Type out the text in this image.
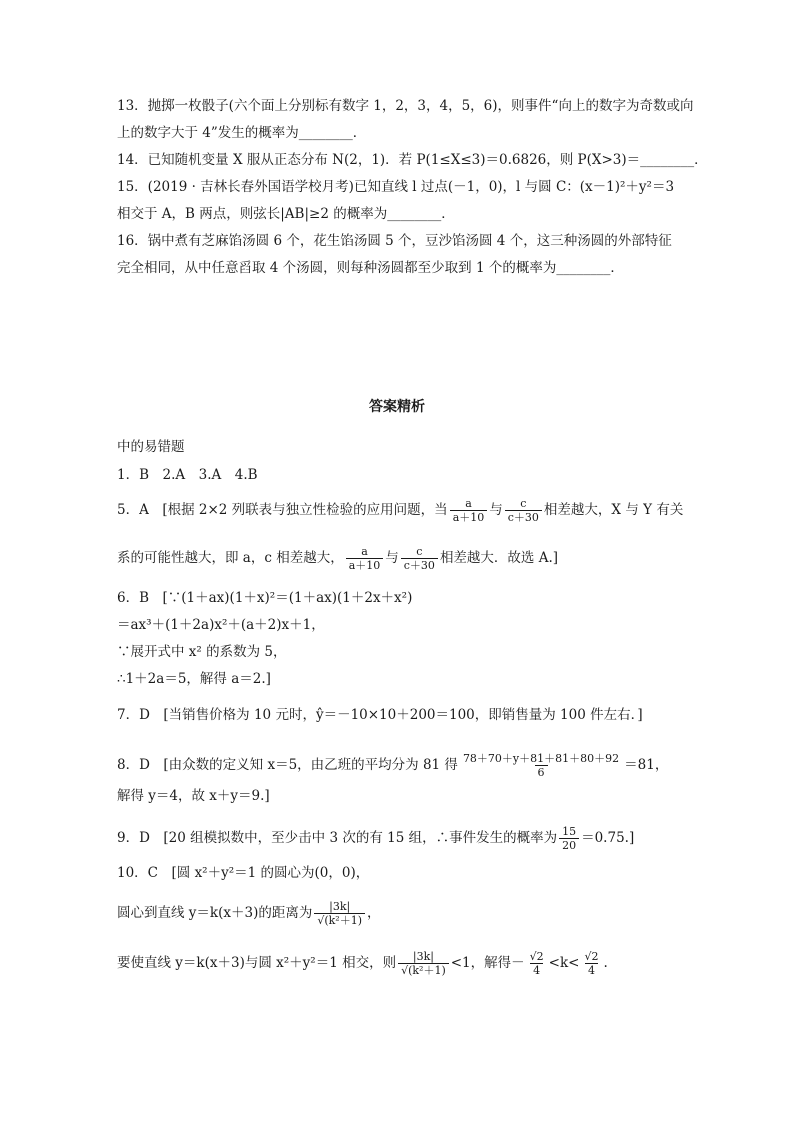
13．抛掷一枚骰子(六个面上分别标有数字 1，2，3，4，5，6)，则事件“向上的数字为奇数或向
上的数字大于 4”发生的概率为________．
14．已知随机变量 X 服从正态分布 N(2，1)．若 P(1≤X≤3)＝0.6826，则 P(X>3)＝________．
15．(2019 · 吉林长春外国语学校月考)已知直线 l 过点(－1，0)，l 与圆 C：(x－1)²＋y²＝3
相交于 A，B 两点，则弦长|AB|≥2 的概率为________．
16．锅中煮有芝麻馅汤圆 6 个，花生馅汤圆 5 个，豆沙馅汤圆 4 个，这三种汤圆的外部特征
完全相同，从中任意舀取 4 个汤圆，则每种汤圆都至少取到 1 个的概率为________．
答案精析
中的易错题
1．B　2.A　3.A　4.B
5．A　[根据 2×2 列联表与独立性检验的应用问题，当 $\frac{a}{a+10}$ 与 $\frac{c}{c+30}$ 相差越大，X 与 Y 有关
系的可能性越大，即 a，c 相差越大， $\frac{a}{a+10}$ 与 $\frac{c}{c+30}$ 相差越大．故选 A.]
6．B　[∵(1＋ax)(1＋x)²＝(1＋ax)(1＋2x＋x²)
＝ax³＋(1＋2a)x²＋(a＋2)x＋1，
∵展开式中 x² 的系数为 5，
∴1＋2a＝5，解得 a＝2.]
7．D　[当销售价格为 10 元时，ŷ＝－10×10＋200＝100，即销售量为 100 件左右．]
8．D　[由众数的定义知 x＝5，由乙班的平均分为 81 得 $\frac{78+70+y+81+81+80+92}{6} =81$，
解得 y＝4，故 x＋y＝9.]
9．D　[20 组模拟数中，至少击中 3 次的有 15 组，∴事件发生的概率为 $\frac{15}{20} =0.75$.]
10．C　[圆 x²＋y²＝1 的圆心为(0，0)，
圆心到直线 y＝k(x＋3)的距离为 $\frac{|3k|}{\text{√(k²＋1)}}$ ，
要使直线 y＝k(x＋3)与圆 x²＋y²＝1 相交，则 $\frac{|3k|}{\text{√(k²＋1)}} <1$，解得－ $\frac{√2}{4} <k< \frac{√2}{4}$ .
